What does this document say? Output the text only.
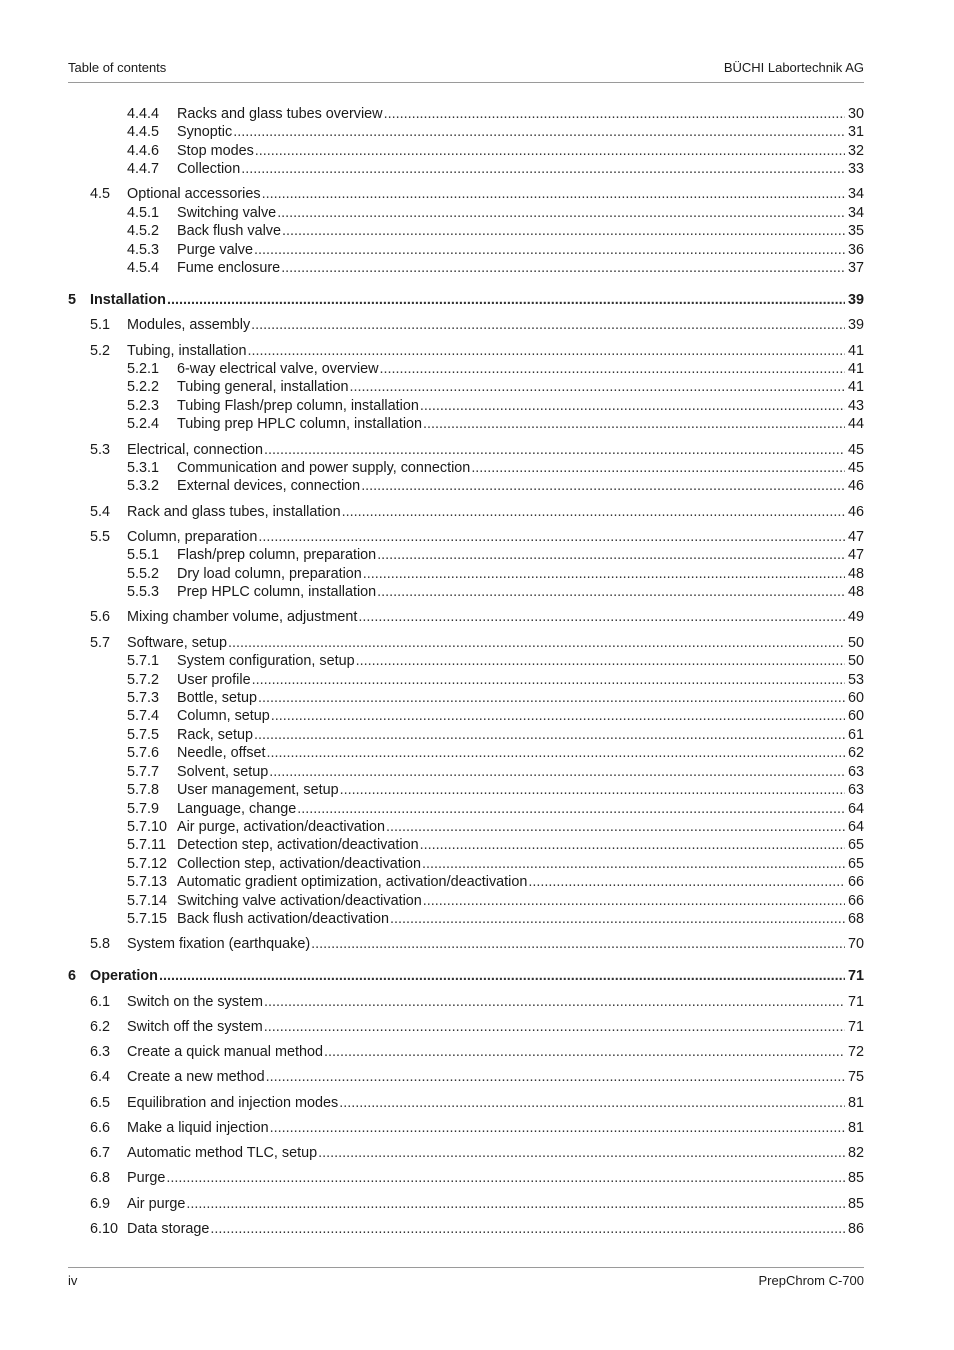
Table of contents	BÜCHI Labortechnik AG
4.4.4 Racks and glass tubes overview .....	30
4.4.5 Synoptic .....	31
4.4.6 Stop modes .....	32
4.4.7 Collection .....	33
4.5 Optional accessories .....	34
4.5.1 Switching valve .....	34
4.5.2 Back flush valve .....	35
4.5.3 Purge valve .....	36
4.5.4 Fume enclosure .....	37
5 Installation .....	39
5.1 Modules, assembly .....	39
5.2 Tubing, installation .....	41
5.2.1 6-way electrical valve, overview .....	41
5.2.2 Tubing general, installation .....	41
5.2.3 Tubing Flash/prep column, installation .....	43
5.2.4 Tubing prep HPLC column, installation .....	44
5.3 Electrical, connection .....	45
5.3.1 Communication and power supply, connection .....	45
5.3.2 External devices, connection .....	46
5.4 Rack and glass tubes, installation .....	46
5.5 Column, preparation .....	47
5.5.1 Flash/prep column, preparation .....	47
5.5.2 Dry load column, preparation .....	48
5.5.3 Prep HPLC column, installation .....	48
5.6 Mixing chamber volume, adjustment .....	49
5.7 Software, setup .....	50
5.7.1 System configuration, setup .....	50
5.7.2 User profile .....	53
5.7.3 Bottle, setup .....	60
5.7.4 Column, setup .....	60
5.7.5 Rack, setup .....	61
5.7.6 Needle, offset .....	62
5.7.7 Solvent, setup .....	63
5.7.8 User management, setup .....	63
5.7.9 Language, change .....	64
5.7.10 Air purge, activation/deactivation .....	64
5.7.11 Detection step, activation/deactivation .....	65
5.7.12 Collection step, activation/deactivation .....	65
5.7.13 Automatic gradient optimization, activation/deactivation .....	66
5.7.14 Switching valve activation/deactivation .....	66
5.7.15 Back flush activation/deactivation .....	68
5.8 System fixation (earthquake) .....	70
6 Operation .....	71
6.1 Switch on the system .....	71
6.2 Switch off the system .....	71
6.3 Create a quick manual method .....	72
6.4 Create a new method .....	75
6.5 Equilibration and injection modes .....	81
6.6 Make a liquid injection .....	81
6.7 Automatic method TLC, setup .....	82
6.8 Purge .....	85
6.9 Air purge .....	85
6.10 Data storage .....	86
iv	PrepChrom C-700
